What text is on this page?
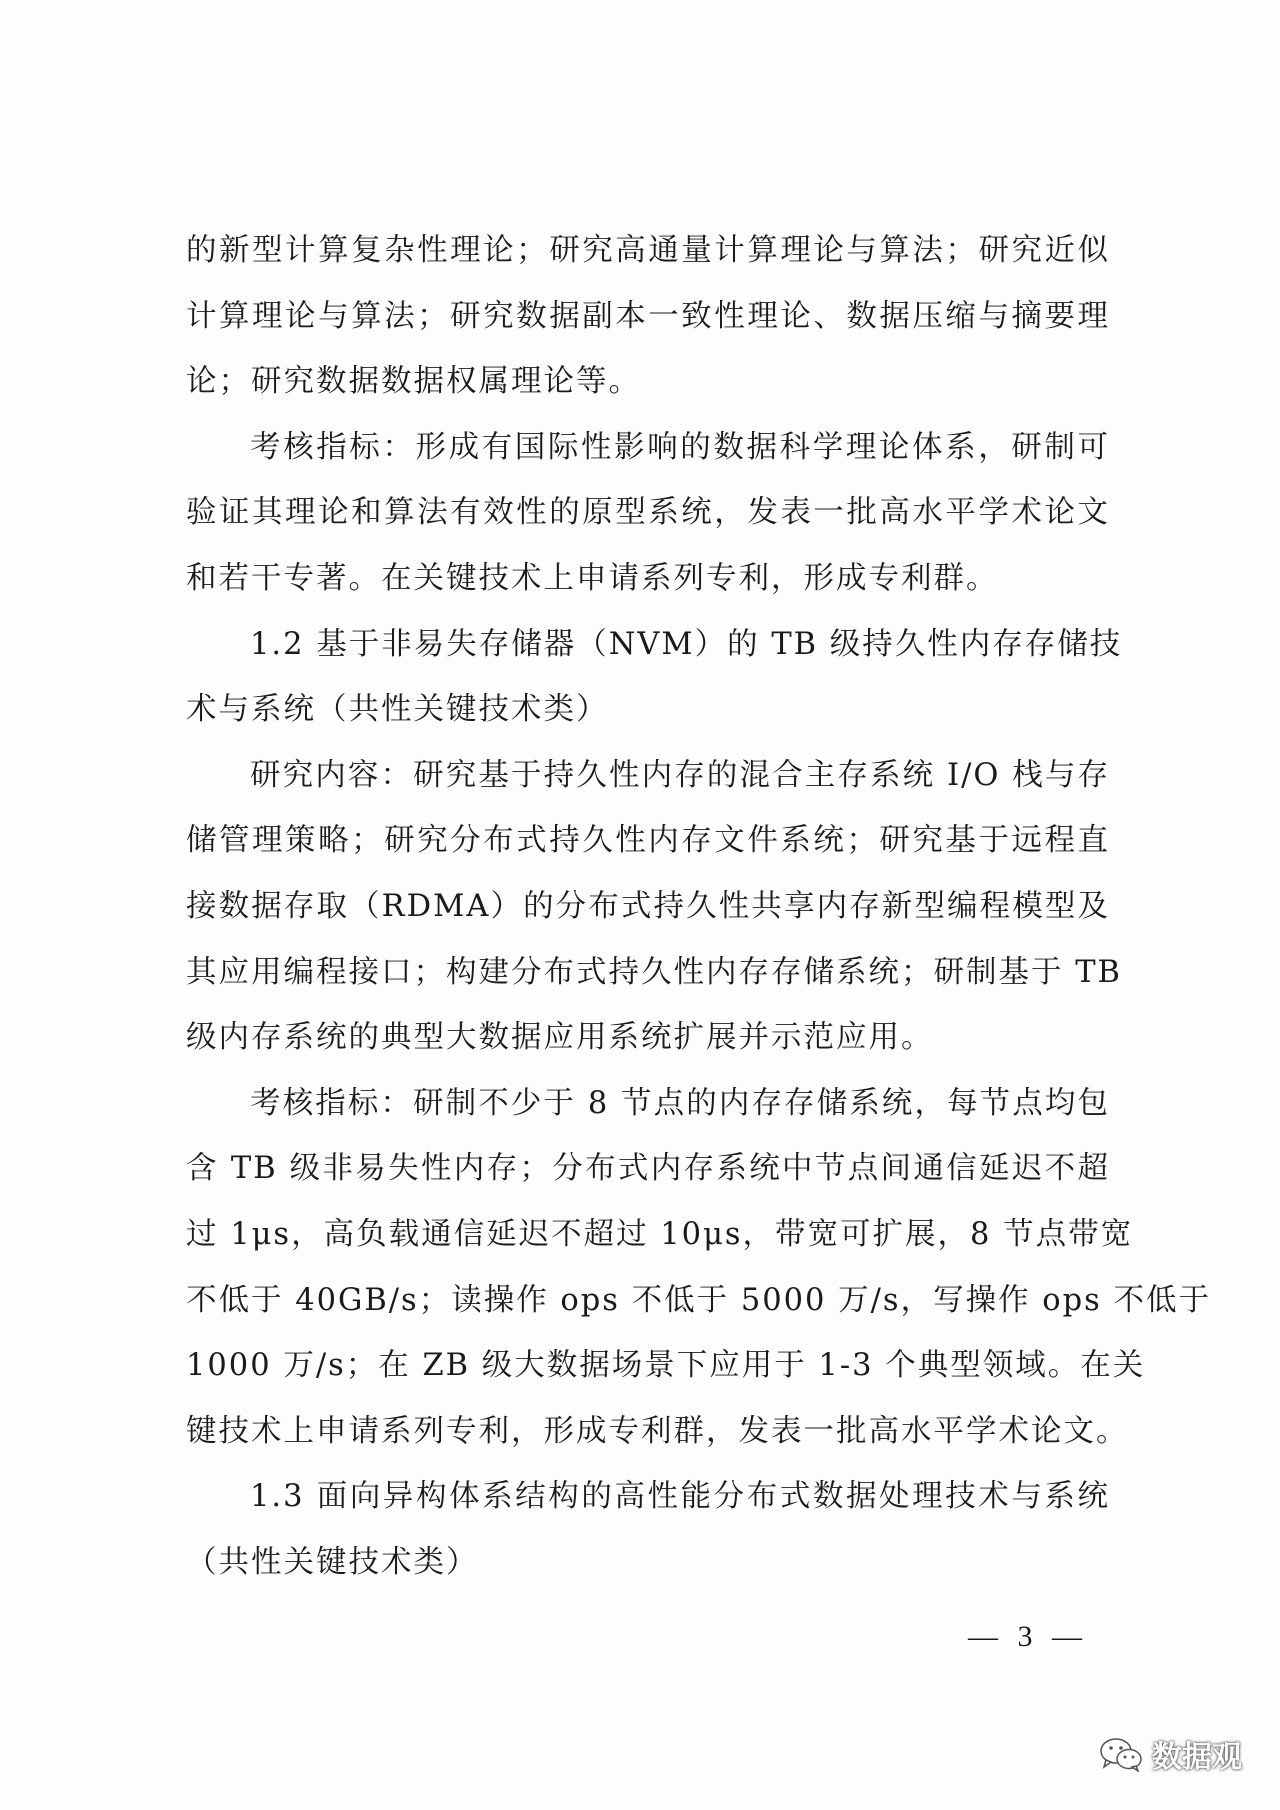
的新型计算复杂性理论；研究高通量计算理论与算法；研究近似
计算理论与算法；研究数据副本一致性理论、数据压缩与摘要理
论；研究数据数据权属理论等。
考核指标：形成有国际性影响的数据科学理论体系，研制可
验证其理论和算法有效性的原型系统，发表一批高水平学术论文
和若干专著。在关键技术上申请系列专利，形成专利群。
1.2 基于非易失存储器（NVM）的 TB 级持久性内存存储技
术与系统（共性关键技术类）
研究内容：研究基于持久性内存的混合主存系统 I/O 栈与存
储管理策略；研究分布式持久性内存文件系统；研究基于远程直
接数据存取（RDMA）的分布式持久性共享内存新型编程模型及
其应用编程接口；构建分布式持久性内存存储系统；研制基于 TB
级内存系统的典型大数据应用系统扩展并示范应用。
考核指标：研制不少于 8 节点的内存存储系统，每节点均包
含 TB 级非易失性内存；分布式内存系统中节点间通信延迟不超
过 1μs，高负载通信延迟不超过 10μs，带宽可扩展，8 节点带宽
不低于 40GB/s；读操作 ops 不低于 5000 万/s，写操作 ops 不低于
1000 万/s；在 ZB 级大数据场景下应用于 1-3 个典型领域。在关
键技术上申请系列专利，形成专利群，发表一批高水平学术论文。
1.3 面向异构体系结构的高性能分布式数据处理技术与系统
（共性关键技术类）
— 3 —
数据观
